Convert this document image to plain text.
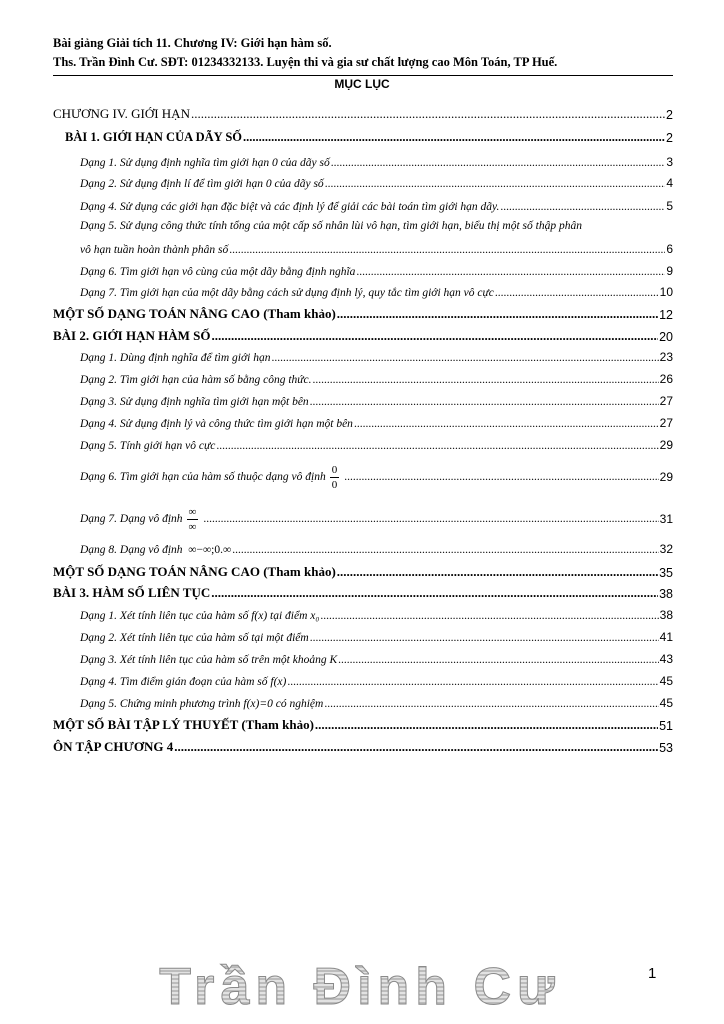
Bài giảng Giải tích 11. Chương IV: Giới hạn hàm số.
Ths. Trần Đình Cư. SĐT: 01234332133. Luyện thi và gia sư chất lượng cao Môn Toán, TP Huế.
MỤC LỤC
CHƯƠNG IV. GIỚI HẠN .....	2
BÀI 1. GIỚI HẠN CỦA DÃY SỐ .....	2
Dạng 1. Sử dụng định nghĩa tìm giới hạn 0 của dãy số .....	3
Dạng 2. Sử dụng định lí để tìm giới hạn 0 của dãy số .....	4
Dạng 4. Sử dụng các giới hạn đặc biệt và các định lý để giải các bài toán tìm giới hạn dãy. .....	5
Dạng 5. Sử dụng công thức tính tổng của một cấp số nhân lùi vô hạn, tìm giới hạn, biểu thị một số thập phân
vô hạn tuần hoàn thành phân số .....	6
Dạng 6. Tìm giới hạn vô cùng của một dãy bằng định nghĩa .....	9
Dạng 7. Tìm giới hạn của một dãy bằng cách sử dụng định lý, quy tắc tìm giới hạn vô cực .....	10
MỘT SỐ DẠNG TOÁN NÂNG CAO (Tham khảo) .....	12
BÀI 2. GIỚI HẠN HÀM SỐ .....	20
Dạng 1. Dùng định nghĩa để tìm giới hạn .....	23
Dạng 2. Tìm giới hạn của hàm số bằng công thức. .....	26
Dạng 3. Sử dụng định nghĩa tìm giới hạn một bên .....	27
Dạng 4. Sử dụng định lý và công thức tìm giới hạn một bên .....	27
Dạng 5. Tính giới hạn vô cực .....	29
Dạng 6. Tìm giới hạn của hàm số thuộc dạng vô định $\frac{0}{0}$ .....	29
Dạng 7. Dạng vô định $\frac{\infty}{\infty}$ .....	31
Dạng 8. Dạng vô định
∞−∞;0.∞ .....	32
MỘT SỐ DẠNG TOÁN NÂNG CAO (Tham khảo) .....	35
BÀI 3. HÀM SỐ LIÊN TỤC .....	38
Dạng 1. Xét tính liên tục của hàm số f(x) tại điểm x₀ .....	38
Dạng 2. Xét tính liên tục của hàm số tại một điểm .....	41
Dạng 3. Xét tính liên tục của hàm số trên một khoảng K .....	43
Dạng 4. Tìm điểm gián đoạn của hàm số f(x) .....	45
Dạng 5. Chứng minh phương trình f(x)=0 có nghiệm .....	45
MỘT SỐ BÀI TẬP LÝ THUYẾT (Tham khảo) .....	51
ÔN TẬP CHƯƠNG 4 .....	53
Trần Đình Cư	1
